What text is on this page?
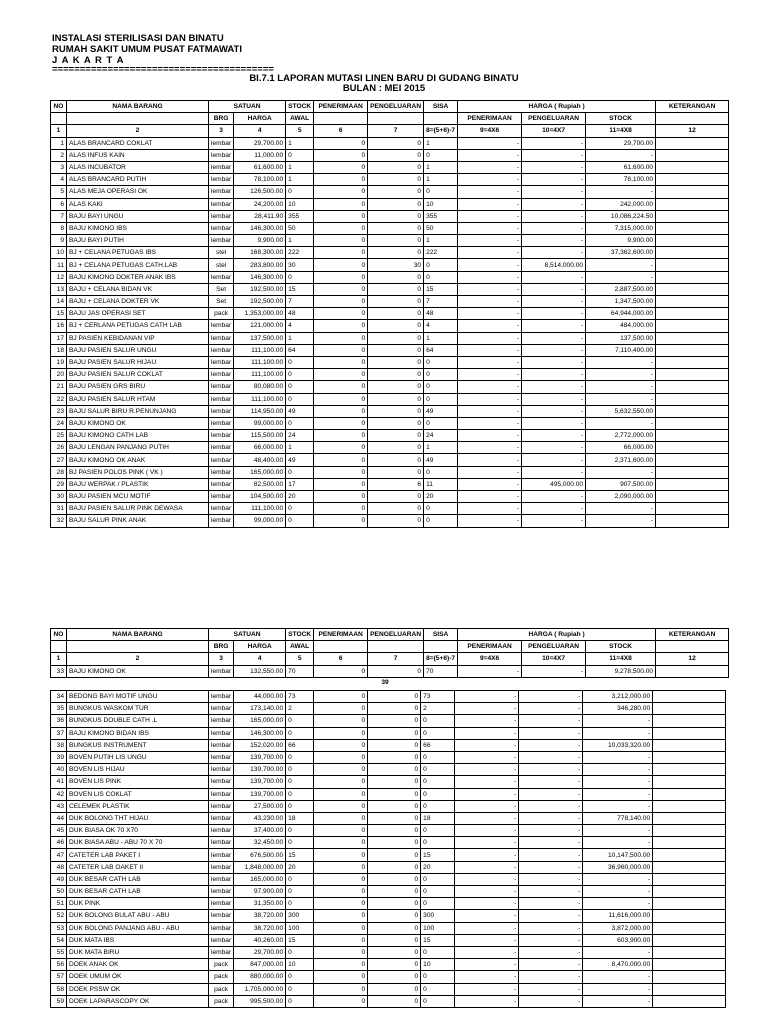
INSTALASI STERILISASI DAN BINATU
RUMAH SAKIT UMUM PUSAT FATMAWATI
J A K A R T A
========================================
BI.7.1 LAPORAN MUTASI LINEN BARU DI GUDANG BINATU
BULAN : MEI 2015
NO	NAMA BARANG	SATUAN		STOCK	PENERIMAAN	PENGELUARAN	SISA	HARGA ( Rupiah )			KETERANGAN
		BRG	HARGA	AWAL				PENERIMAAN	PENGELUARAN	STOCK	
1	2	3	4	5	6	7	8=(5+6)-7	9=4X6	10=4X7	11=4X8	12
1	ALAS BRANCARD COKLAT	lembar	29,700.00	1	0	0	1	-	-	29,700.00	
2	ALAS INFUS KAIN	lembar	11,000.00	0	0	0	0	-	-	-	
3	ALAS INCUBATOR	lembar	61,600.00	1	0	0	1	-	-	61,600.00	
4	ALAS BRANCARD PUTIH	lembar	78,100.00	1	0	0	1	-	-	78,100.00	
5	ALAS MEJA OPERASI OK	lembar	126,500.00	0	0	0	0	-	-	-	
6	ALAS KAKI	lembar	24,200.00	10	0	0	10	-	-	242,000.00	
7	BAJU BAYI UNGU	lembar	28,411.90	355	0	0	355	-	-	10,086,224.50	
8	BAJU KIMONO IBS	lembar	146,300.00	50	0	0	50	-	-	7,315,000.00	
9	BAJU BAYI PUTIH	lembar	9,900.00	1	0	0	1	-	-	9,900.00	
10	BJ + CELANA PETUGAS IBS	stel	168,300.00	222	0	0	222	-	-	37,362,600.00	
11	BJ + CELANA PETUGAS CATH.LAB	stel	283,800.00	30	0	30	0	-	8,514,000.00	-	
12	BAJU KIMONO DOKTER ANAK IBS	lembar	146,300.00	0	0	0	0	-	-	-	
13	BAJU + CELANA BIDAN VK	Set	192,500.00	15	0	0	15	-	-	2,887,500.00	
14	BAJU + CELANA DOKTER VK	Set	192,500.00	7	0	0	7	-	-	1,347,500.00	
15	BAJU JAS OPERASI SET	pack	1,353,000.00	48	0	0	48	-	-	64,944,000.00	
16	BJ + CERLANA PETUGAS CATH LAB	lembar	121,000.00	4	0	0	4	-	-	484,000.00	
17	BJ PASIEN KEBIDANAN VIP	lembar	137,500.00	1	0	0	1	-	-	137,500.00	
18	BAJU PASIEN SALUR UNGU	lembar	111,100.00	64	0	0	64	-	-	7,110,400.00	
19	BAJU PASIEN SALUR HIJAU	lembar	111,100.00	0	0	0	0	-	-	-	
20	BAJU PASIEN SALUR COKLAT	lembar	111,100.00	0	0	0	0	-	-	-	
21	BAJU PASIEN GRS BIRU	lembar	80,080.00	0	0	0	0	-	-	-	
22	BAJU PASIEN SALUR HTAM	lembar	111,100.00	0	0	0	0	-	-	-	
23	BAJU SALUR BIRU R.PENUNJANG	lembar	114,950.00	49	0	0	49	-	-	5,632,550.00	
24	BAJU KIMONO OK	lembar	99,000.00	0	0	0	0	-	-	-	
25	BAJU KIMONO CATH LAB	lembar	115,500.00	24	0	0	24	-	-	2,772,000.00	
26	BAJU LENGAN PANJANG PUTIH	lembar	66,000.00	1	0	0	1	-	-	66,000.00	
27	BAJU KIMONO OK ANAK	lembar	48,400.00	49	0	0	49	-	-	2,371,600.00	
28	BJ PASIEN POLOS PINK ( VK )	lembar	165,000.00	0	0	0	0	-	-	-	
29	BAJU WERPAK / PLASTIK	lembar	82,500.00	17	0	6	11	-	495,000.00	907,500.00	
30	BAJU PASIEN MCU MOTIF	lembar	104,500.00	20	0	0	20	-	-	2,090,000.00	
31	BAJU PASIEN SALUR PINK DEWASA	lembar	111,100.00	0	0	0	0	-	-	-	
32	BAJU SALUR PINK ANAK	lembar	99,000.00	0	0	0	0	-	-	-	
NO	NAMA BARANG	SATUAN		STOCK	PENERIMAAN	PENGELUARAN	SISA	HARGA ( Rupiah )			KETERANGAN
		BRG	HARGA	AWAL				PENERIMAAN	PENGELUARAN	STOCK	
1	2	3	4	5	6	7	8=(5+6)-7	9=4X6	10=4X7	11=4X8	12
33	BAJU KIMONO OK	lembar	132,550.00	70	0	0	70	-	-	9,278,500.00	
39
34	BEDONG BAYI MOTIF UNGU	lembar	44,000.00	73	0	0	73	-	-	3,212,000.00	
35	BUNGKUS WASKOM TUR	lembar	173,140.00	2	0	0	2	-	-	346,280.00	
36	BUNGKUS DOUBLE CATH .L	lembar	165,000.00	0	0	0	0	-	-	-	
37	BAJU KIMONO BIDAN IBS	lembar	146,300.00	0	0	0	0	-	-	-	
38	BUNGKUS INSTRUMENT	lembar	152,020.00	66	0	0	66	-	-	10,033,320.00	
39	BOVEN PUTIH LIS UNGU	lembar	139,700.00	0	0	0	0	-	-	-	
40	BOVEN LIS HIJAU	lembar	139,700.00	0	0	0	0	-	-	-	
41	BOVEN LIS PINK	lembar	139,700.00	0	0	0	0	-	-	-	
42	BOVEN LIS COKLAT	lembar	139,700.00	0	0	0	0	-	-	-	
43	CELEMEK PLASTIK	lembar	27,500.00	0	0	0	0	-	-	-	
44	DUK BOLONG THT HIJAU	lembar	43,230.00	18	0	0	18	-	-	778,140.00	
45	DUK BIASA OK 70 X70	lembar	37,400.00	0	0	0	0	-	-	-	
46	DUK BIASA ABU - ABU 70 X 70	lembar	32,450.00	0	0	0	0	-	-	-	
47	CATETER LAB PAKET I	lembar	676,500.00	15	0	0	15	-	-	10,147,500.00	
48	CATETER LAB OAKET II	lembar	1,848,000.00	20	0	0	20	-	-	36,960,000.00	
49	DUK BESAR CATH LAB	lembar	165,000.00	0	0	0	0	-	-	-	
50	DUK BESAR CATH LAB	lembar	97,900.00	0	0	0	0	-	-	-	
51	DUK PINK	lembar	31,350.00	0	0	0	0	-	-	-	
52	DUK BOLONG BULAT ABU - ABU	lembar	38,720.00	300	0	0	300	-	-	11,616,000.00	
53	DUK BOLONG PANJANG ABU - ABU	lembar	38,720.00	100	0	0	100	-	-	3,872,000.00	
54	DUK MATA IBS	lembar	40,260.00	15	0	0	15	-	-	603,900.00	
55	DUK MATA BIRU	lembar	29,700.00	0	0	0	0	-	-	-	
56	DOEK ANAK OK	pack	847,000.00	10	0	0	10	-	-	8,470,000.00	
57	DOEK UMUM OK	pack	880,000.00	0	0	0	0	-	-	-	
58	DOEK PSSW OK	pack	1,705,000.00	0	0	0	0	-	-	-	
59	DOEK LAPARASCOPY OK	pack	995,500.00	0	0	0	0	-	-	-	
